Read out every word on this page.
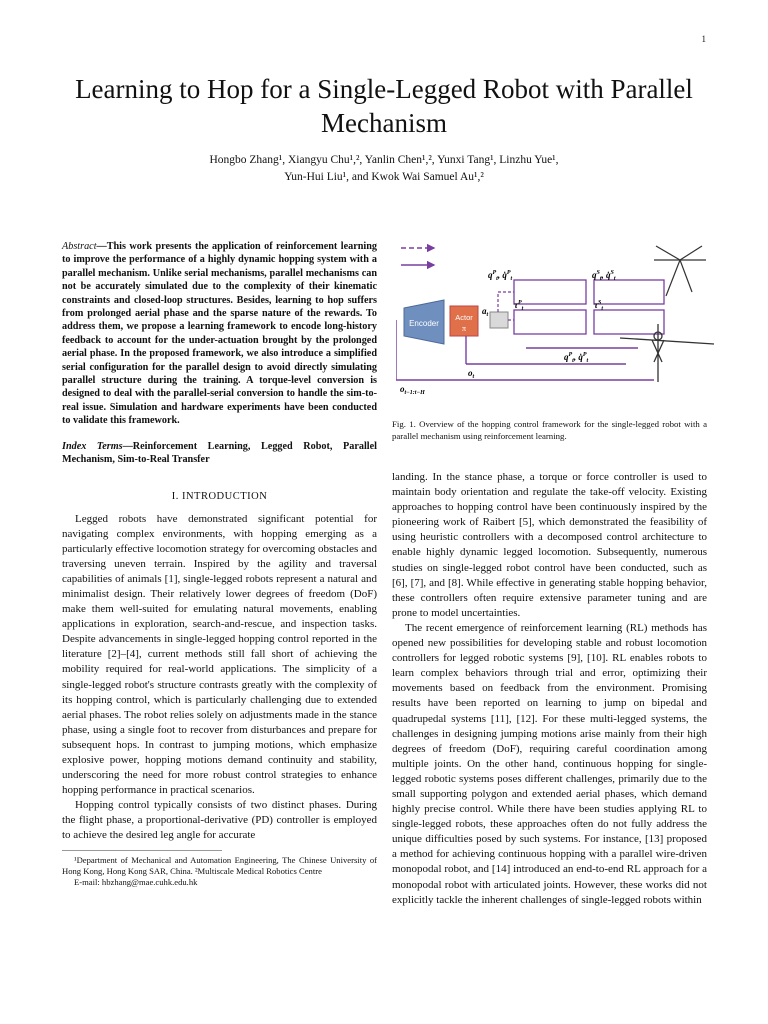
1
Learning to Hop for a Single-Legged Robot with Parallel Mechanism
Hongbo Zhang¹, Xiangyu Chu¹,², Yanlin Chen¹,², Yunxi Tang¹, Linzhu Yue¹,
Yun-Hui Liu¹, and Kwok Wai Samuel Au¹,²
Abstract—This work presents the application of reinforcement learning to improve the performance of a highly dynamic hopping system with a parallel mechanism. Unlike serial mechanisms, parallel mechanisms can not be accurately simulated due to the complexity of their kinematic constraints and closed-loop structures. Besides, learning to hop suffers from prolonged aerial phase and the sparse nature of the rewards. To address them, we propose a learning framework to encode long-history feedback to account for the under-actuation brought by the prolonged aerial phase. In the proposed framework, we also introduce a simplified serial configuration for the parallel design to avoid directly simulating parallel structure during the training. A torque-level conversion is designed to deal with the parallel-serial conversion to handle the sim-to-real issue. Simulation and hardware experiments have been conducted to validate this framework.
Index Terms—Reinforcement Learning, Legged Robot, Parallel Mechanism, Sim-to-Real Transfer
I. INTRODUCTION

Legged robots have demonstrated significant potential for navigating complex environments, with hopping emerging as a particularly effective locomotion strategy for overcoming obstacles and traversing uneven terrain. Inspired by the agility and traversal capabilities of animals [1], single-legged robots represent a natural and minimalist design. Their relatively lower degrees of freedom (DoF) make them well-suited for emulating natural movements, enabling applications in exploration, search-and-rescue, and inspection tasks. Despite advancements in single-legged hopping control reported in the literature [2]–[4], current methods still fall short of achieving the mobility required for real-world applications. The simplicity of a single-legged robot's structure contrasts greatly with the complexity of its hopping control, which is particularly challenging due to extended aerial phases. The robot relies solely on adjustments made in the stance phase, using a single foot to recover from disturbances and prepare for subsequent hops. In contrast to jumping motions, which emphasize explosive power, hopping motions demand continuity and stability, underscoring the need for more robust control strategies to enhance hopping performance in practical scenarios.

Hopping control typically consists of two distinct phases. During the flight phase, a proportional-derivative (PD) controller is employed to achieve the desired leg angle for accurate

¹Department of Mechanical and Automation Engineering, The Chinese University of Hong Kong, Hong Kong SAR, China. ²Multiscale Medical Robotics Centre
E-mail: hbzhang@mae.cuhk.edu.hk
Encoder
Actor
π
$a_t$
$q^P_t$, q̇$^P_t$	$q^S_t$, q̇$^S_t$
$\tau^P_t$	$\tau^S_t$
$o_t$
$o_{t-1:t-H}$
$q^P_t$, q̇$^P_t$
Fig. 1. Overview of the hopping control framework for the single-legged robot with a parallel mechanism using reinforcement learning.

landing. In the stance phase, a torque or force controller is used to maintain body orientation and regulate the take-off velocity. Existing approaches to hopping control have been continuously inspired by the pioneering work of Raibert [5], which demonstrated the feasibility of using heuristic controllers with a decomposed control architecture to enable highly dynamic legged locomotion. Subsequently, numerous studies on single-legged robot control have been conducted, such as [6], [7], and [8]. While effective in generating stable hopping behavior, these controllers often require extensive parameter tuning and are prone to model uncertainties.

The recent emergence of reinforcement learning (RL) methods has opened new possibilities for developing stable and robust locomotion controllers for legged robotic systems [9], [10]. RL enables robots to learn complex behaviors through trial and error, optimizing their movements based on feedback from the environment. Promising results have been reported on learning to jump on bipedal and quadrupedal systems [11], [12]. For these multi-legged systems, the challenges in designing jumping motions arise mainly from their high degrees of freedom (DoF), requiring careful coordination among multiple joints. On the other hand, continuous hopping for single-legged robotic systems poses different challenges, primarily due to the small supporting polygon and extended aerial phases, which demand highly precise control. While there have been studies applying RL to single-legged robots, these approaches often do not fully address the unique difficulties posed by such systems. For instance, [13] proposed a method for achieving continuous hopping with a parallel wire-driven monopodal robot, and [14] introduced an end-to-end RL approach for a monopodal robot with articulated joints. However, these works did not explicitly tackle the inherent challenges of single-legged robots within
